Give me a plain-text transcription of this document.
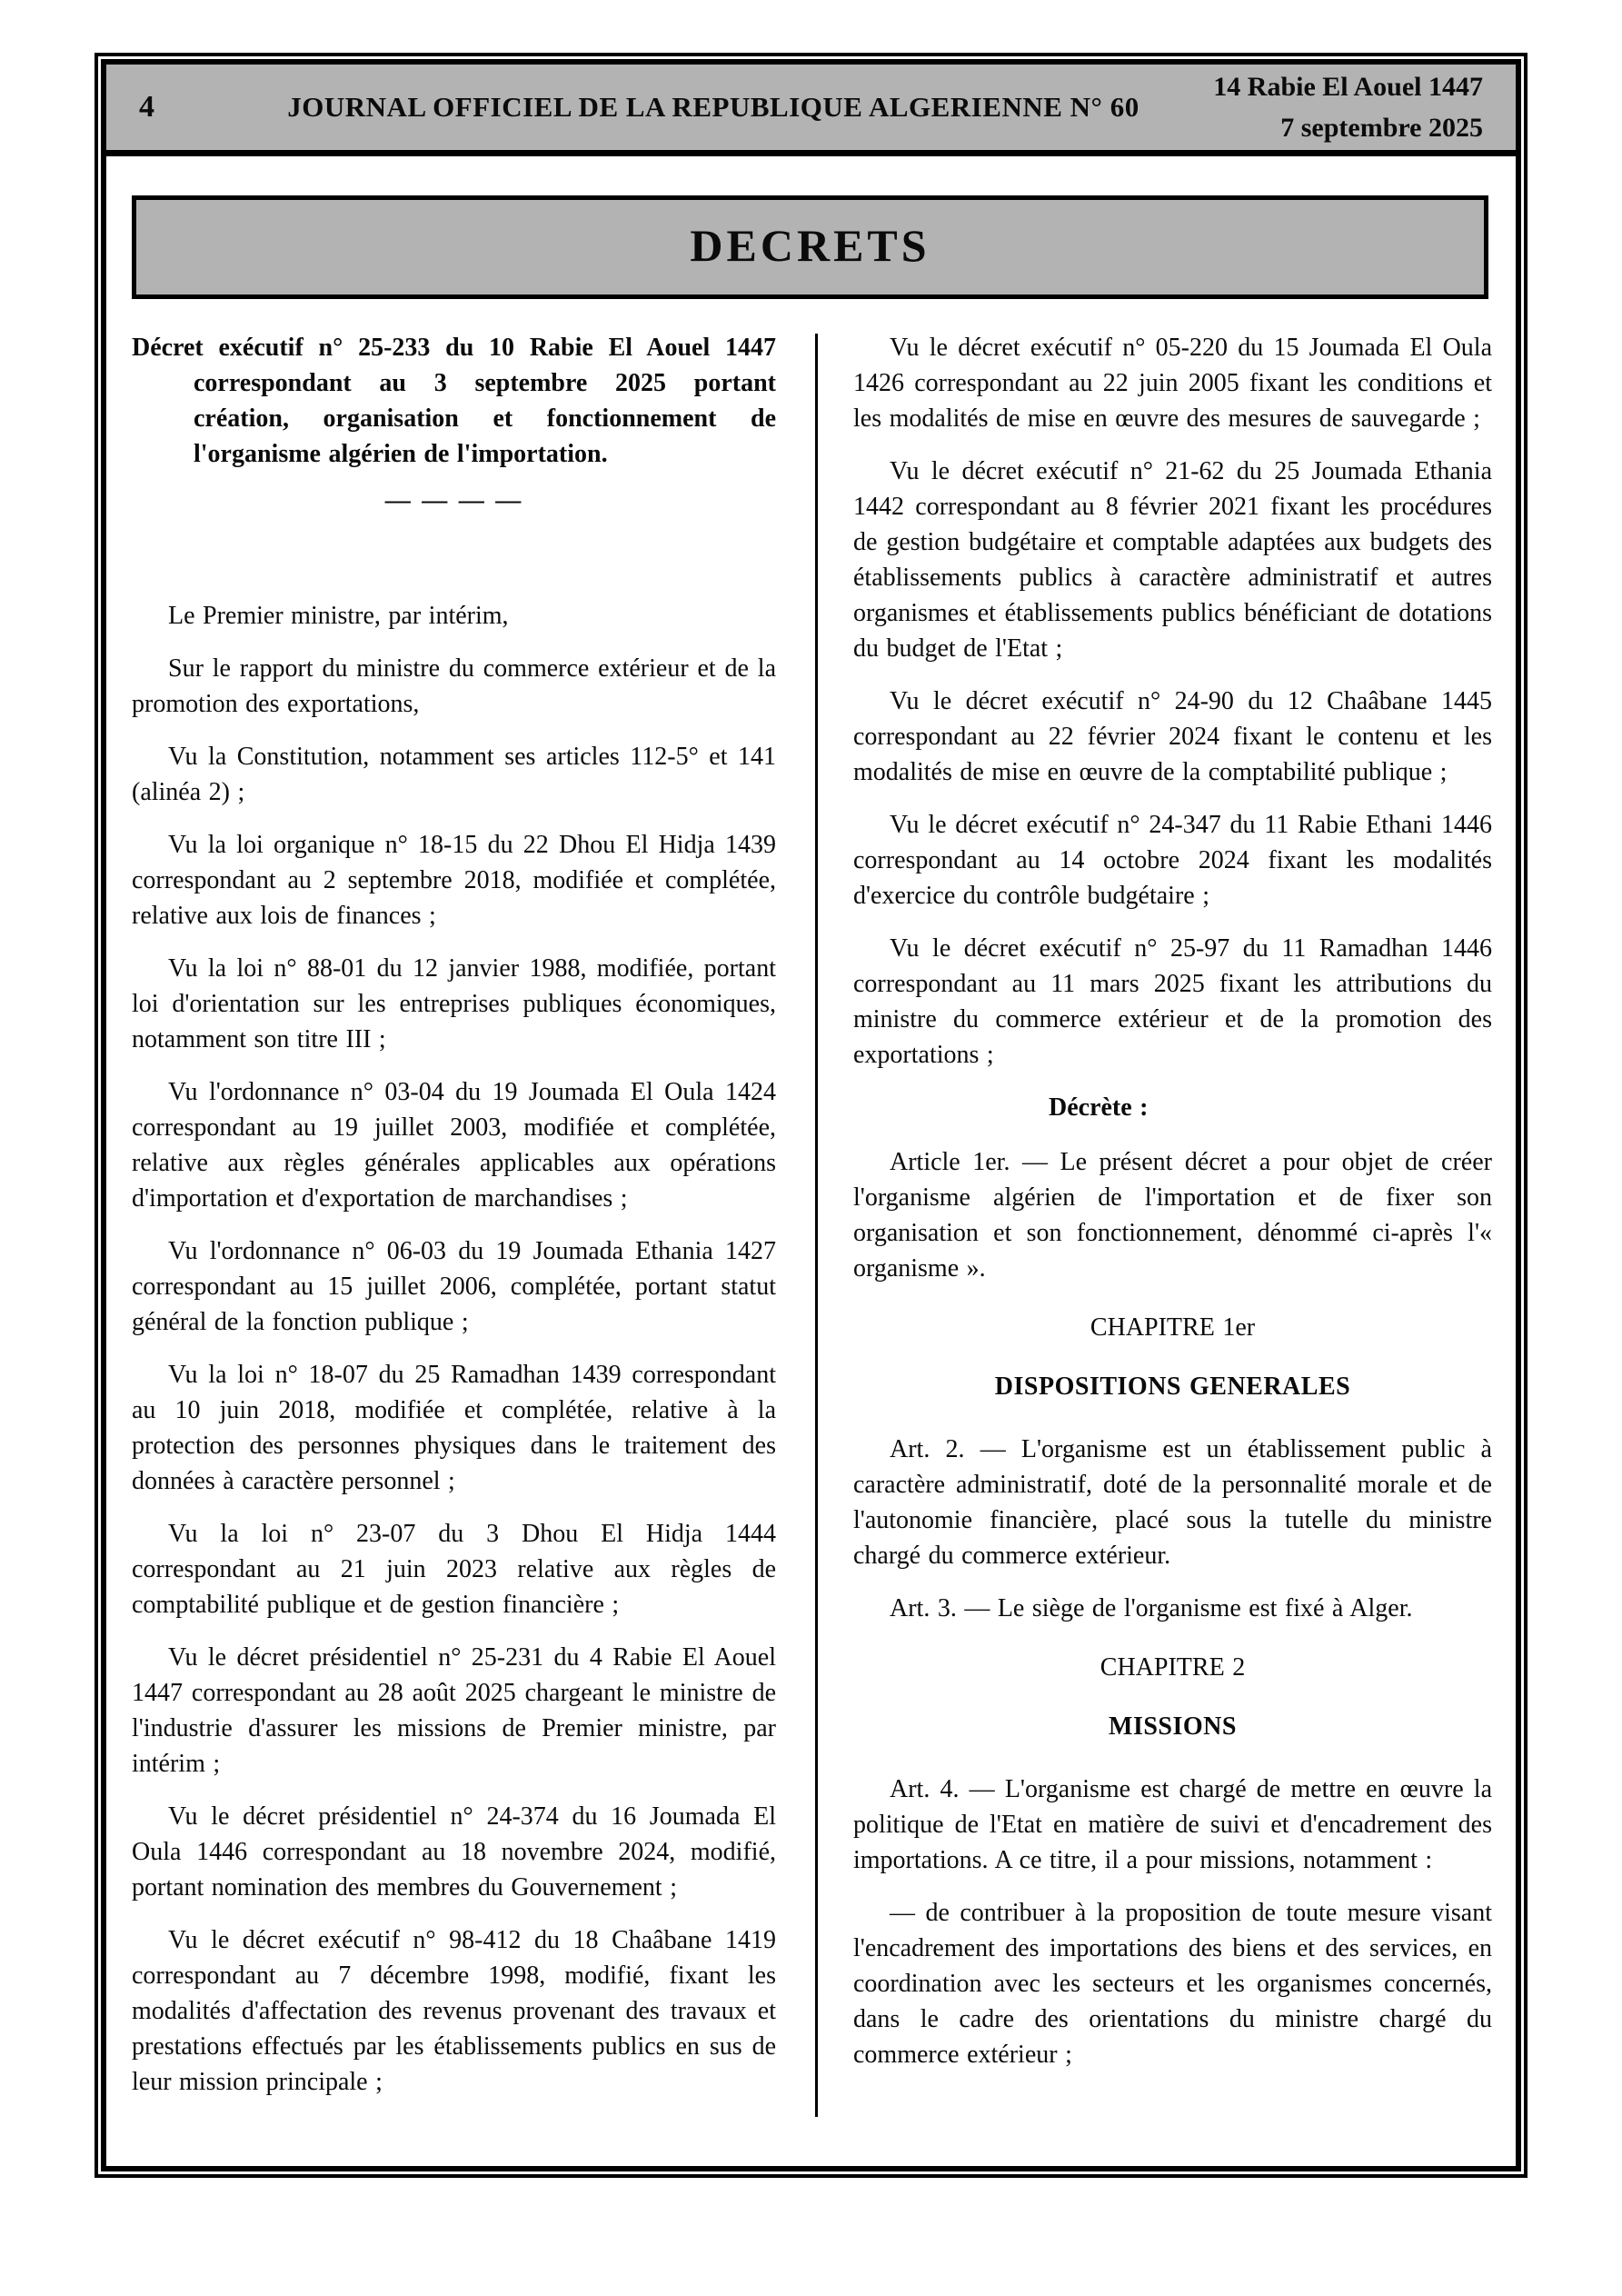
4	JOURNAL OFFICIEL DE LA REPUBLIQUE ALGERIENNE N° 60
14 Rabie El Aouel 1447
7 septembre 2025
DECRETS

Décret exécutif n° 25-233 du 10 Rabie El Aouel 1447 correspondant au 3 septembre 2025 portant création, organisation et fonctionnement de l'organisme algérien de l'importation.

— — — —

Le Premier ministre, par intérim,

Sur le rapport du ministre du commerce extérieur et de la promotion des exportations,

Vu la Constitution, notamment ses articles 112-5° et 141 (alinéa 2) ;

Vu la loi organique n° 18-15 du 22 Dhou El Hidja 1439 correspondant au 2 septembre 2018, modifiée et complétée, relative aux lois de finances ;

Vu la loi n° 88-01 du 12 janvier 1988, modifiée, portant loi d'orientation sur les entreprises publiques économiques, notamment son titre III ;

Vu l'ordonnance n° 03-04 du 19 Joumada El Oula 1424 correspondant au 19 juillet 2003, modifiée et complétée, relative aux règles générales applicables aux opérations d'importation et d'exportation de marchandises ;

Vu l'ordonnance n° 06-03 du 19 Joumada Ethania 1427 correspondant au 15 juillet 2006, complétée, portant statut général de la fonction publique ;

Vu la loi n° 18-07 du 25 Ramadhan 1439 correspondant au 10 juin 2018, modifiée et complétée, relative à la protection des personnes physiques dans le traitement des données à caractère personnel ;

Vu la loi n° 23-07 du 3 Dhou El Hidja 1444 correspondant au 21 juin 2023 relative aux règles de comptabilité publique et de gestion financière ;

Vu le décret présidentiel n° 25-231 du 4 Rabie El Aouel 1447 correspondant au 28 août 2025 chargeant le ministre de l'industrie d'assurer les missions de Premier ministre, par intérim ;

Vu le décret présidentiel n° 24-374 du 16 Joumada El Oula 1446 correspondant au 18 novembre 2024, modifié, portant nomination des membres du Gouvernement ;

Vu le décret exécutif n° 98-412 du 18 Chaâbane 1419 correspondant au 7 décembre 1998, modifié, fixant les modalités d'affectation des revenus provenant des travaux et prestations effectués par les établissements publics en sus de leur mission principale ;

Vu le décret exécutif n° 05-220 du 15 Joumada El Oula 1426 correspondant au 22 juin 2005 fixant les conditions et les modalités de mise en œuvre des mesures de sauvegarde ;

Vu le décret exécutif n° 21-62 du 25 Joumada Ethania 1442 correspondant au 8 février 2021 fixant les procédures de gestion budgétaire et comptable adaptées aux budgets des établissements publics à caractère administratif et autres organismes et établissements publics bénéficiant de dotations du budget de l'Etat ;

Vu le décret exécutif n° 24-90 du 12 Chaâbane 1445 correspondant au 22 février 2024 fixant le contenu et les modalités de mise en œuvre de la comptabilité publique ;

Vu le décret exécutif n° 24-347 du 11 Rabie Ethani 1446 correspondant au 14 octobre 2024 fixant les modalités d'exercice du contrôle budgétaire ;

Vu le décret exécutif n° 25-97 du 11 Ramadhan 1446 correspondant au 11 mars 2025 fixant les attributions du ministre du commerce extérieur et de la promotion des exportations ;

Décrète :

Article 1er. — Le présent décret a pour objet de créer l'organisme algérien de l'importation et de fixer son organisation et son fonctionnement, dénommé ci-après l'« organisme ».

CHAPITRE 1er

DISPOSITIONS GENERALES

Art. 2. — L'organisme est un établissement public à caractère administratif, doté de la personnalité morale et de l'autonomie financière, placé sous la tutelle du ministre chargé du commerce extérieur.

Art. 3. — Le siège de l'organisme est fixé à Alger.

CHAPITRE 2

MISSIONS

Art. 4. — L'organisme est chargé de mettre en œuvre la politique de l'Etat en matière de suivi et d'encadrement des importations. A ce titre, il a pour missions, notamment :

— de contribuer à la proposition de toute mesure visant l'encadrement des importations des biens et des services, en coordination avec les secteurs et les organismes concernés, dans le cadre des orientations du ministre chargé du commerce extérieur ;
